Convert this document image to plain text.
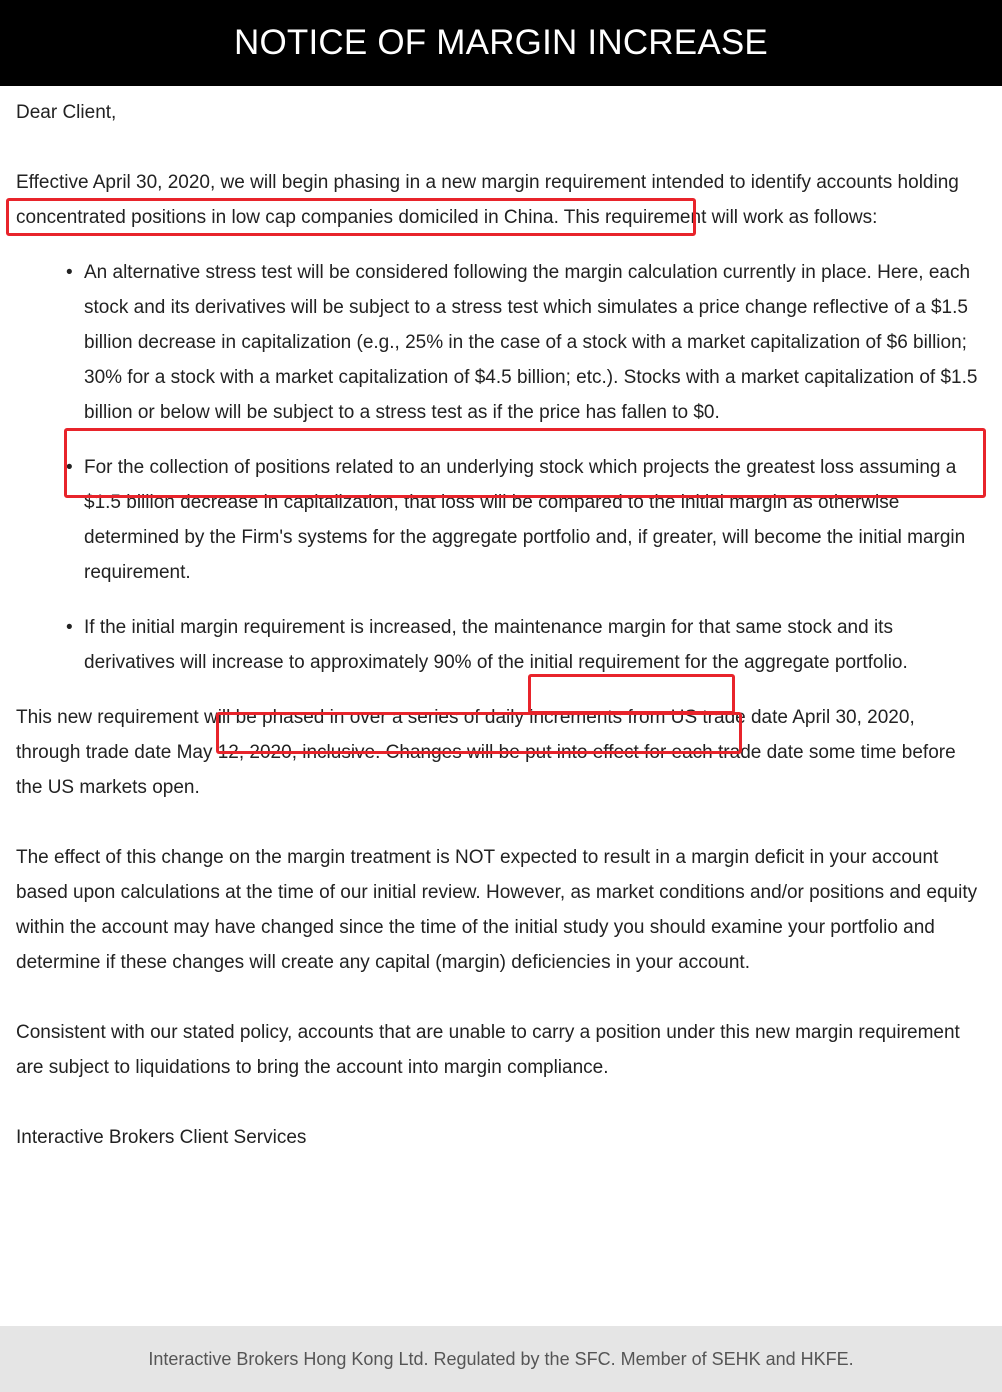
NOTICE OF MARGIN INCREASE

Dear Client,

Effective April 30, 2020, we will begin phasing in a new margin requirement intended to identify accounts holding concentrated positions in low cap companies domiciled in China. This requirement will work as follows:

• An alternative stress test will be considered following the margin calculation currently in place. Here, each stock and its derivatives will be subject to a stress test which simulates a price change reflective of a $1.5 billion decrease in capitalization (e.g., 25% in the case of a stock with a market capitalization of $6 billion; 30% for a stock with a market capitalization of $4.5 billion; etc.). Stocks with a market capitalization of $1.5 billion or below will be subject to a stress test as if the price has fallen to $0.
• For the collection of positions related to an underlying stock which projects the greatest loss assuming a $1.5 billion decrease in capitalization, that loss will be compared to the initial margin as otherwise determined by the Firm's systems for the aggregate portfolio and, if greater, will become the initial margin requirement.
• If the initial margin requirement is increased, the maintenance margin for that same stock and its derivatives will increase to approximately 90% of the initial requirement for the aggregate portfolio.

This new requirement will be phased in over a series of daily increments from US trade date April 30, 2020, through trade date May 12, 2020, inclusive. Changes will be put into effect for each trade date some time before the US markets open.

The effect of this change on the margin treatment is NOT expected to result in a margin deficit in your account based upon calculations at the time of our initial review. However, as market conditions and/or positions and equity within the account may have changed since the time of the initial study you should examine your portfolio and determine if these changes will create any capital (margin) deficiencies in your account.

Consistent with our stated policy, accounts that are unable to carry a position under this new margin requirement are subject to liquidations to bring the account into margin compliance.

Interactive Brokers Client Services

Interactive Brokers Hong Kong Ltd. Regulated by the SFC. Member of SEHK and HKFE.
